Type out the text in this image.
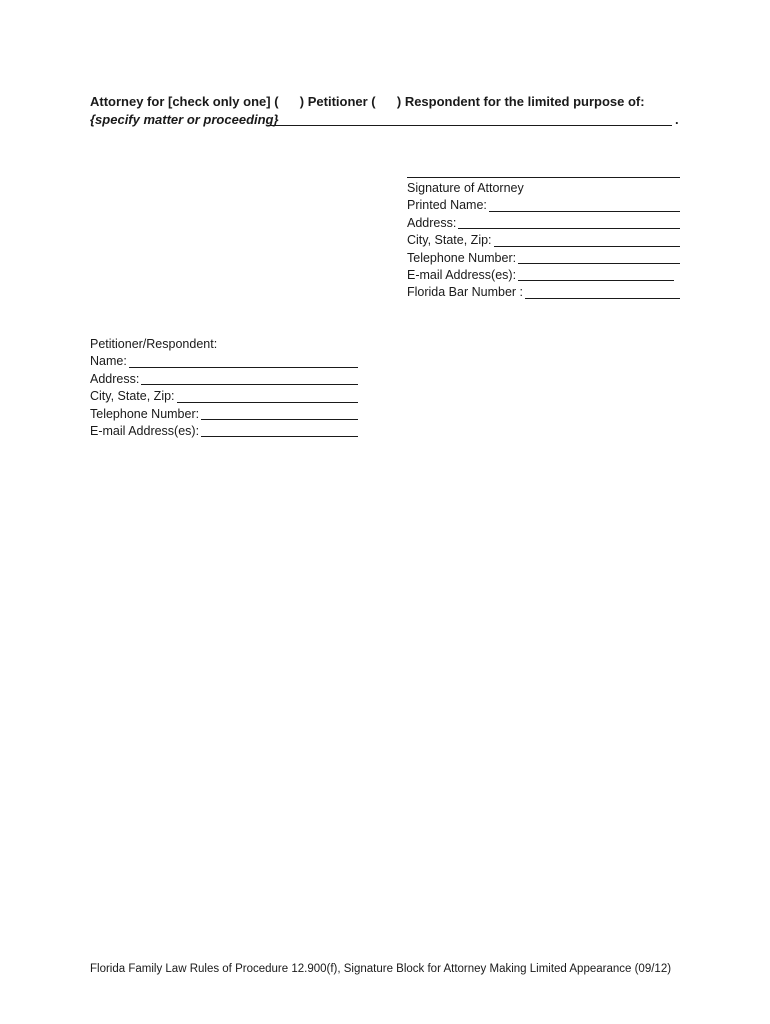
Attorney for [check only one] ( ) Petitioner ( ) Respondent for the limited purpose of:
{specify matter or proceeding}	.
Signature of Attorney
Printed Name:
Address:
City, State, Zip:
Telephone Number:
E-mail Address(es):
Florida Bar Number :
Petitioner/Respondent:
Name:
Address:
City, State, Zip:
Telephone Number:
E-mail Address(es):
Florida Family Law Rules of Procedure 12.900(f), Signature Block for Attorney Making Limited Appearance (09/12)
